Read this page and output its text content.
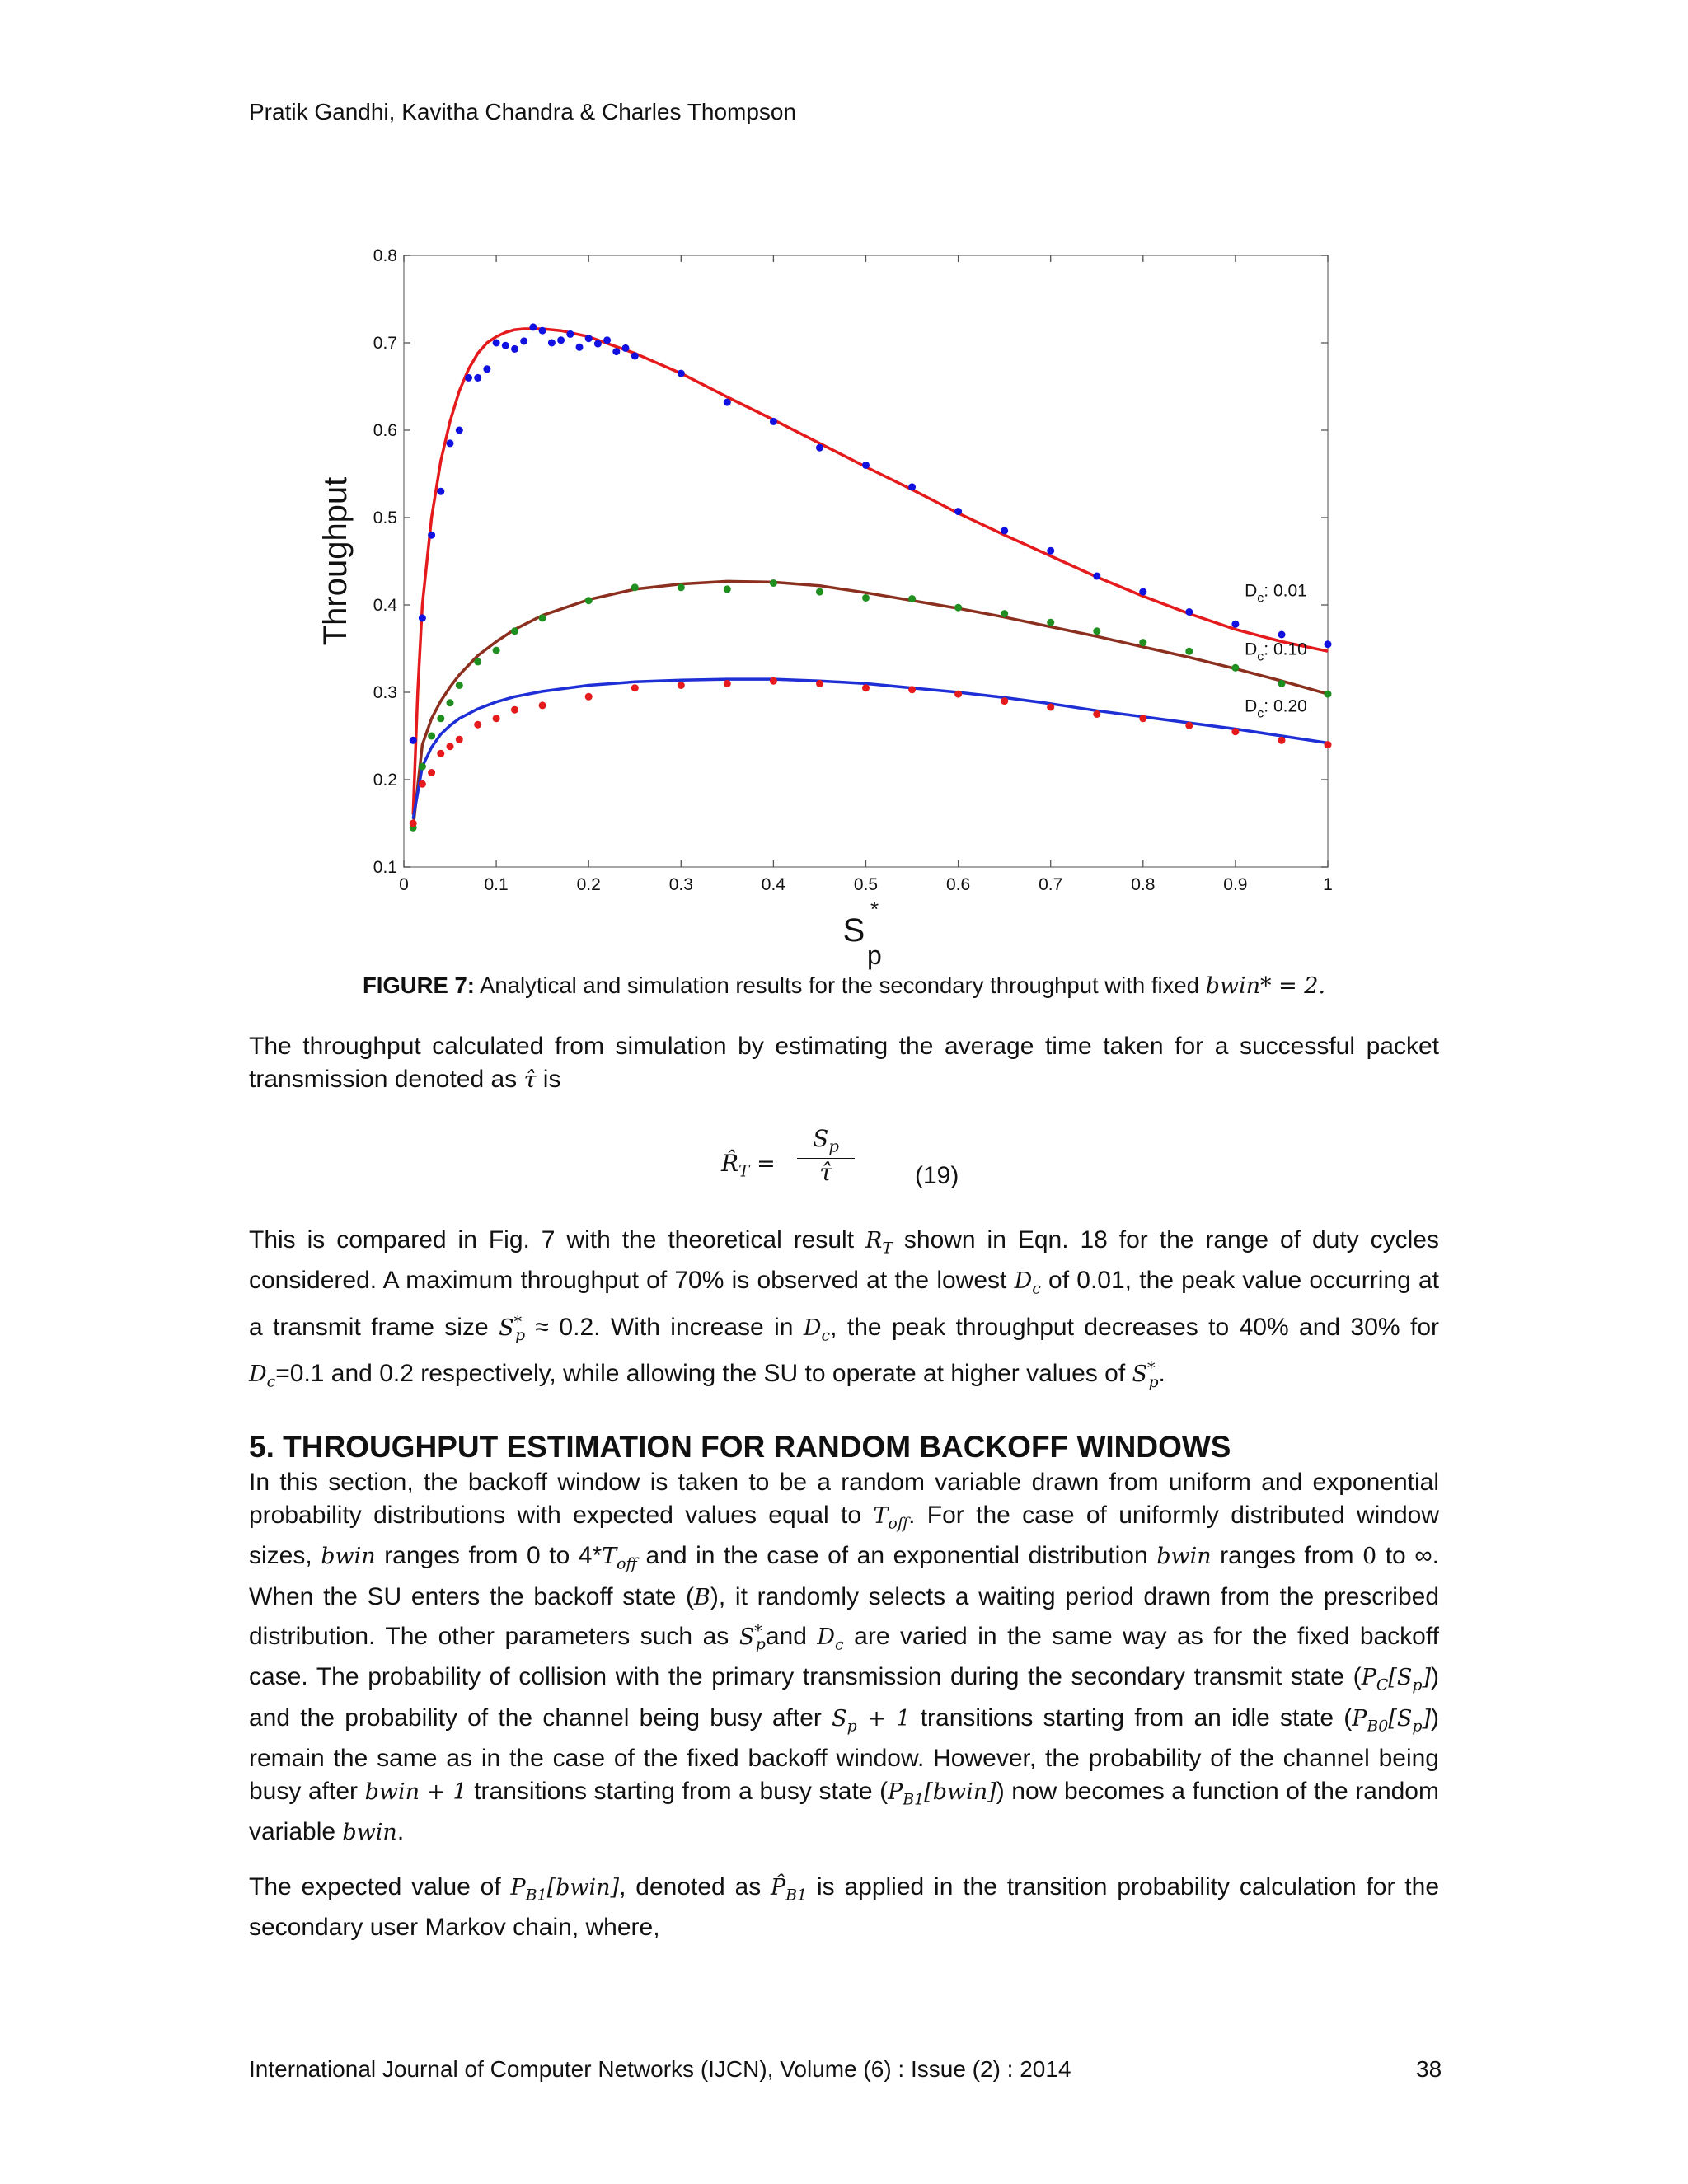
Pratik Gandhi, Kavitha Chandra & Charles Thompson
0	0.1	0.2	0.3	0.4	0.5	0.6	0.7	0.8	0.9	1
0.1
0.2
0.3
0.4
0.5
0.6
0.7
0.8
Throughput
S
*
p
$D_c$: 0.01
$D_c$: 0.10
$D_c$: 0.20
FIGURE 7: Analytical and simulation results for the secondary throughput with fixed bwin* = 2.
The throughput calculated from simulation by estimating the average time taken for a successful packet transmission denoted as τ̂ is
$R̂_T$ =
$S_p$
τ̂	(19)
This is compared in Fig. 7 with the theoretical result $R_T$ shown in Eqn. 18 for the range of duty cycles considered. A maximum throughput of 70% is observed at the lowest $D_c$ of 0.01, the peak value occurring at a transmit frame size $S^*_p \approx 0.2$. With increase in $D_c$, the peak throughput decreases to 40% and 30% for $D_c=0.1$ and 0.2 respectively, while allowing the SU to operate at higher values of $S^*_p$.
5. THROUGHPUT ESTIMATION FOR RANDOM BACKOFF WINDOWS
In this section, the backoff window is taken to be a random variable drawn from uniform and exponential probability distributions with expected values equal to $T_{off}$. For the case of uniformly distributed window sizes, bwin ranges from 0 to $4*T_{off}$ and in the case of an exponential distribution bwin ranges from 0 to ∞. When the SU enters the backoff state (B), it randomly selects a waiting period drawn from the prescribed distribution. The other parameters such as $S^*_pand$ $D_c$ are varied in the same way as for the fixed backoff case. The probability of collision with the primary transmission during the secondary transmit state $(P_C[S_p])$ and the probability of the channel being busy after $S_p + 1$ transitions starting from an idle state $(P_{B0}[S_p])$ remain the same as in the case of the fixed backoff window. However, the probability of the channel being busy after bwin + 1 transitions starting from a busy state $(P_{B1}[bwin])$ now becomes a function of the random variable bwin.
The expected value of $P_{B1}[bwin]$, denoted as $P̂_{B1}$ is applied in the transition probability calculation for the secondary user Markov chain, where,
International Journal of Computer Networks (IJCN), Volume (6) : Issue (2) : 2014	38
